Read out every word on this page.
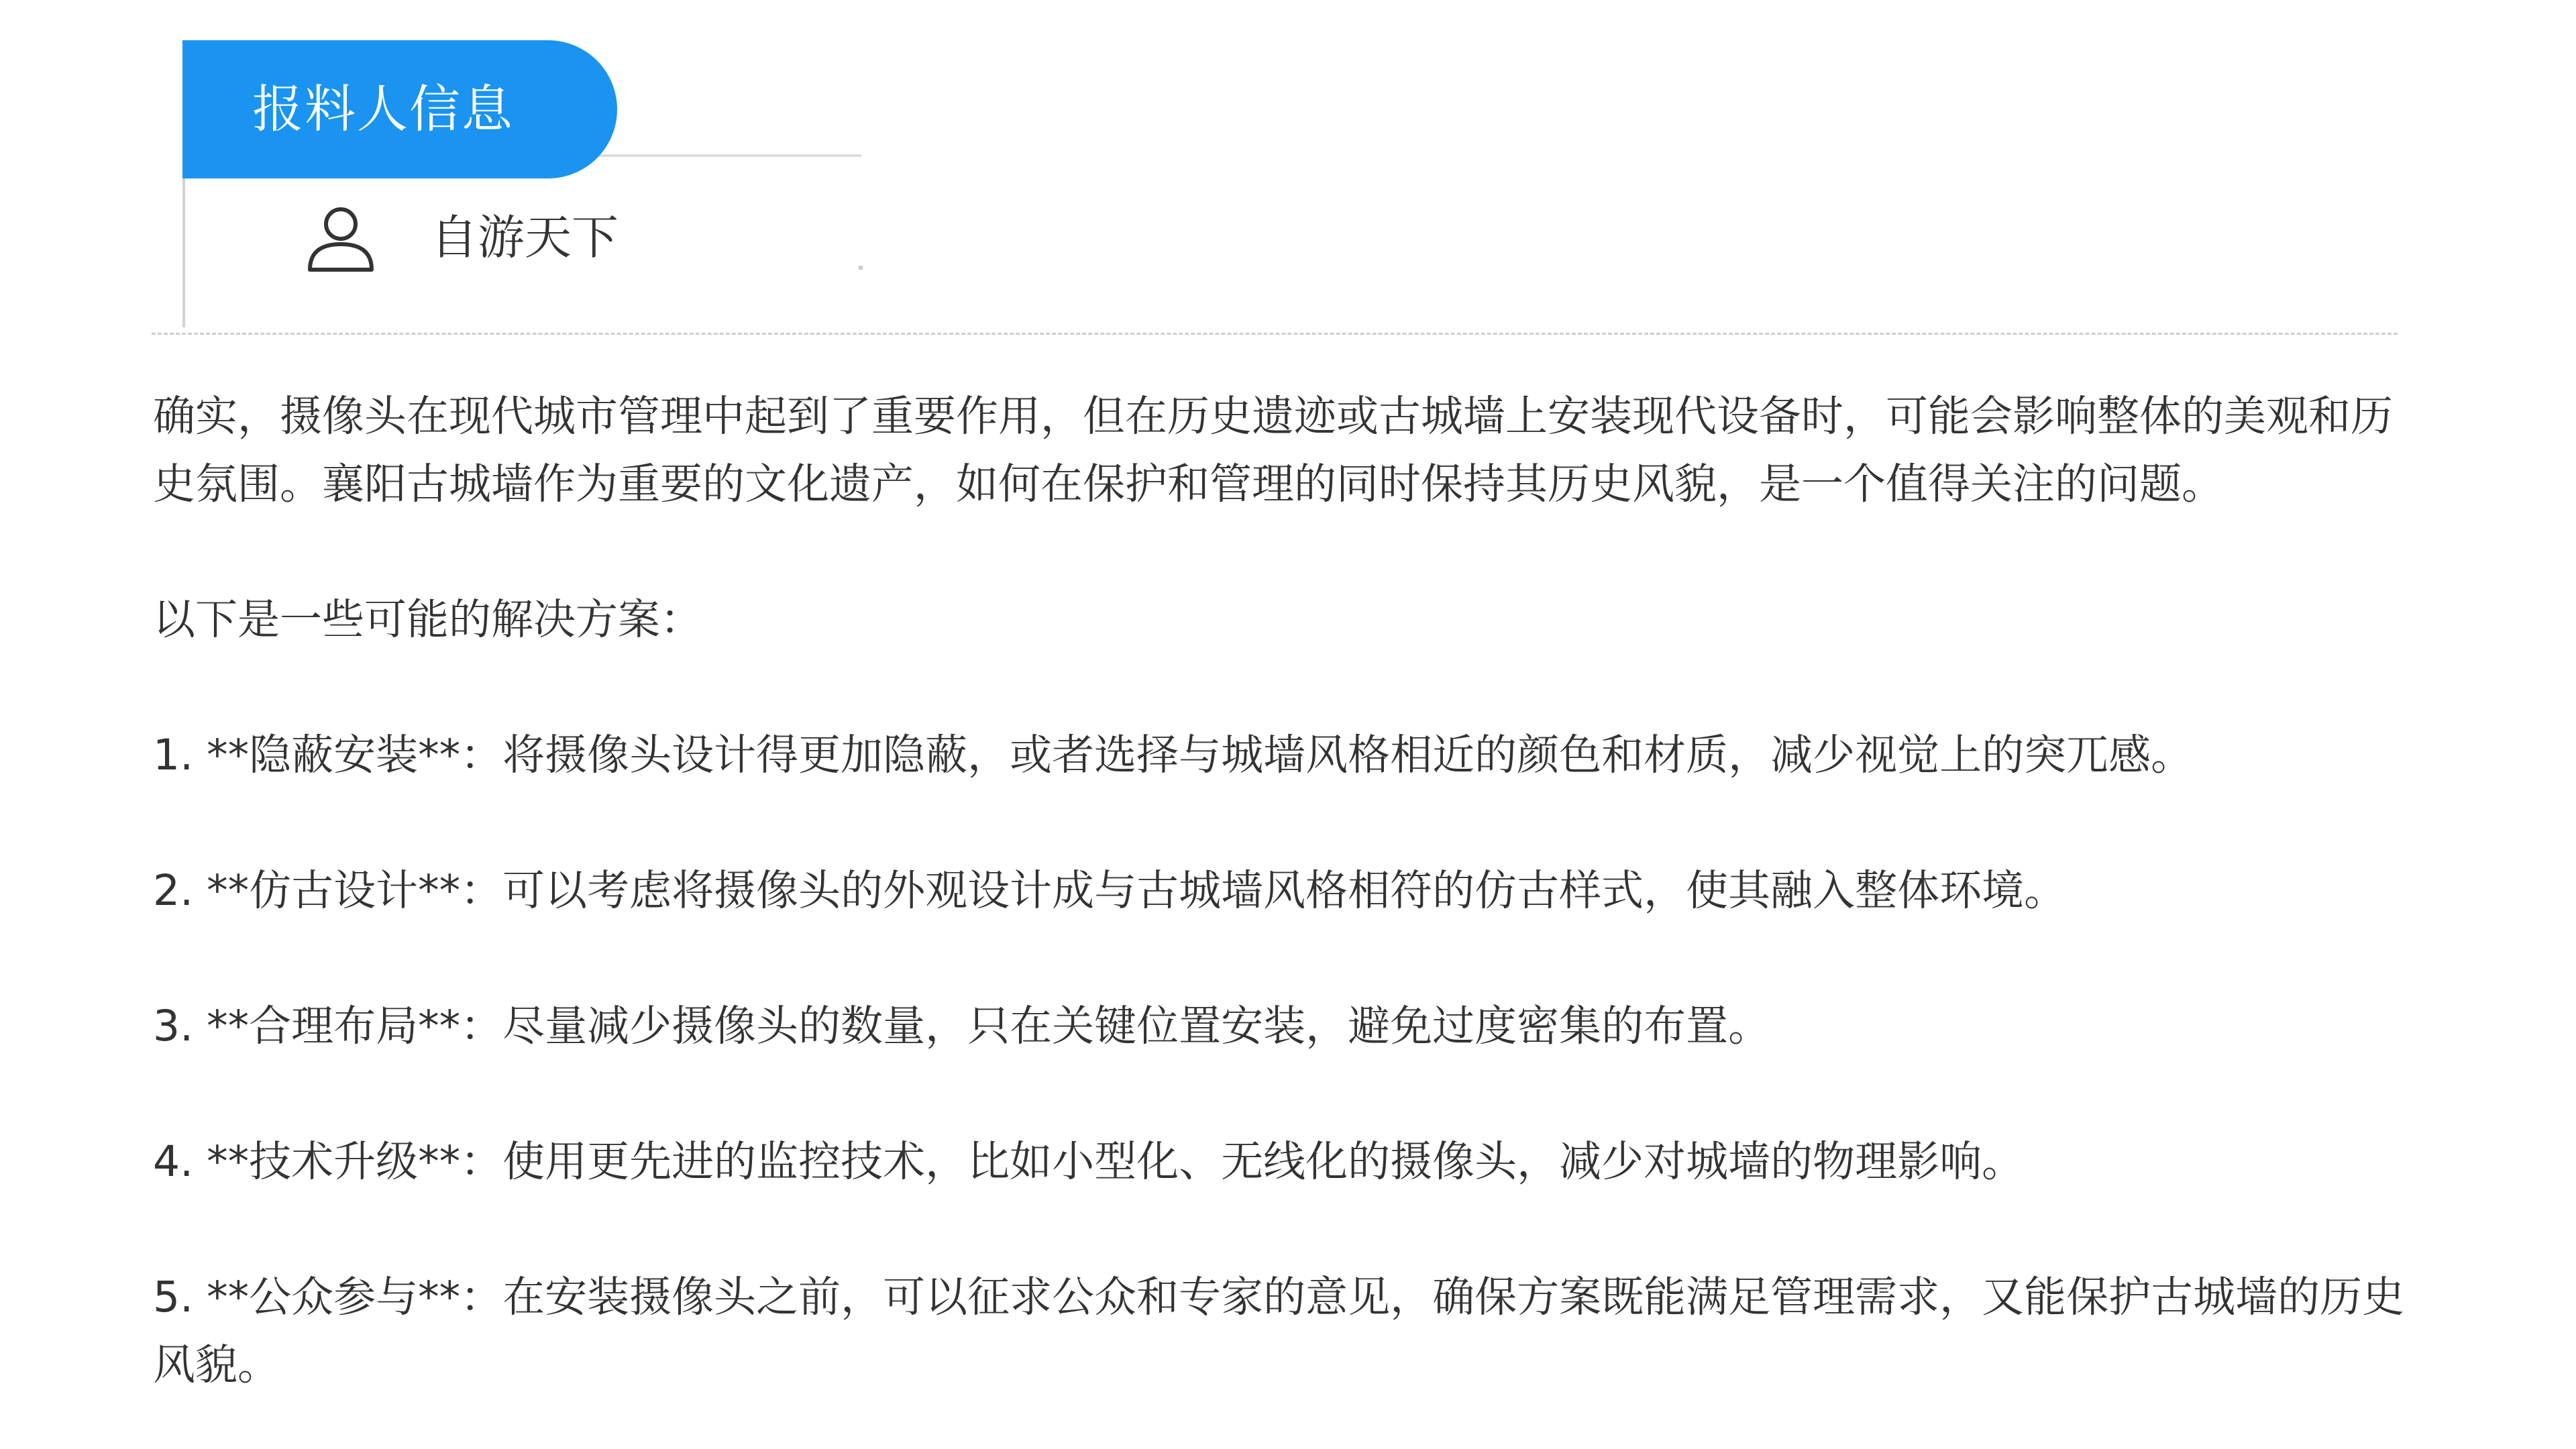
报料人信息
自游天下

确实，摄像头在现代城市管理中起到了重要作用，但在历史遗迹或古城墙上安装现代设备时，可能会影响整体的美观和历史氛围。襄阳古城墙作为重要的文化遗产，如何在保护和管理的同时保持其历史风貌，是一个值得关注的问题。

以下是一些可能的解决方案：

1. **隐蔽安装**：将摄像头设计得更加隐蔽，或者选择与城墙风格相近的颜色和材质，减少视觉上的突兀感。

2. **仿古设计**：可以考虑将摄像头的外观设计成与古城墙风格相符的仿古样式，使其融入整体环境。

3. **合理布局**：尽量减少摄像头的数量，只在关键位置安装，避免过度密集的布置。

4. **技术升级**：使用更先进的监控技术，比如小型化、无线化的摄像头，减少对城墙的物理影响。

5. **公众参与**：在安装摄像头之前，可以征求公众和专家的意见，确保方案既能满足管理需求，又能保护古城墙的历史风貌。
